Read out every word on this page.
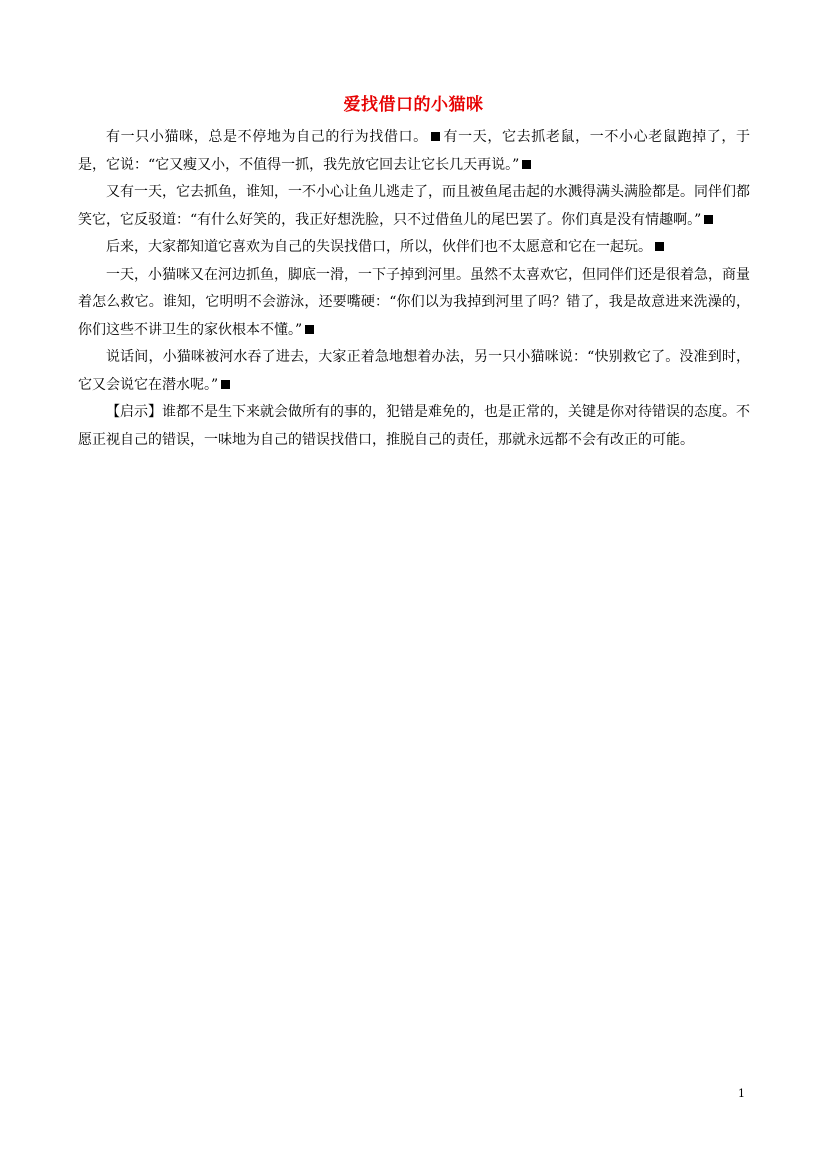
爱找借口的小猫咪

有一只小猫咪，总是不停地为自己的行为找借口。 有一天，它去抓老鼠，一不小心老鼠跑掉了，于是，它说：“它又瘦又小，不值得一抓，我先放它回去让它长几天再说。”

又有一天，它去抓鱼，谁知，一不小心让鱼儿逃走了，而且被鱼尾击起的水溅得满头满脸都是。同伴们都笑它，它反驳道：“有什么好笑的，我正好想洗脸，只不过借鱼儿的尾巴罢了。你们真是没有情趣啊。”

后来，大家都知道它喜欢为自己的失误找借口，所以，伙伴们也不太愿意和它在一起玩。

一天，小猫咪又在河边抓鱼，脚底一滑，一下子掉到河里。虽然不太喜欢它，但同伴们还是很着急，商量着怎么救它。谁知，它明明不会游泳，还要嘴硬：“你们以为我掉到河里了吗？错了，我是故意进来洗澡的，你们这些不讲卫生的家伙根本不懂。”

说话间，小猫咪被河水吞了进去，大家正着急地想着办法，另一只小猫咪说：“快别救它了。没准到时，它又会说它在潜水呢。”

【启示】谁都不是生下来就会做所有的事的，犯错是难免的，也是正常的，关键是你对待错误的态度。不愿正视自己的错误，一味地为自己的错误找借口，推脱自己的责任，那就永远都不会有改正的可能。

1
